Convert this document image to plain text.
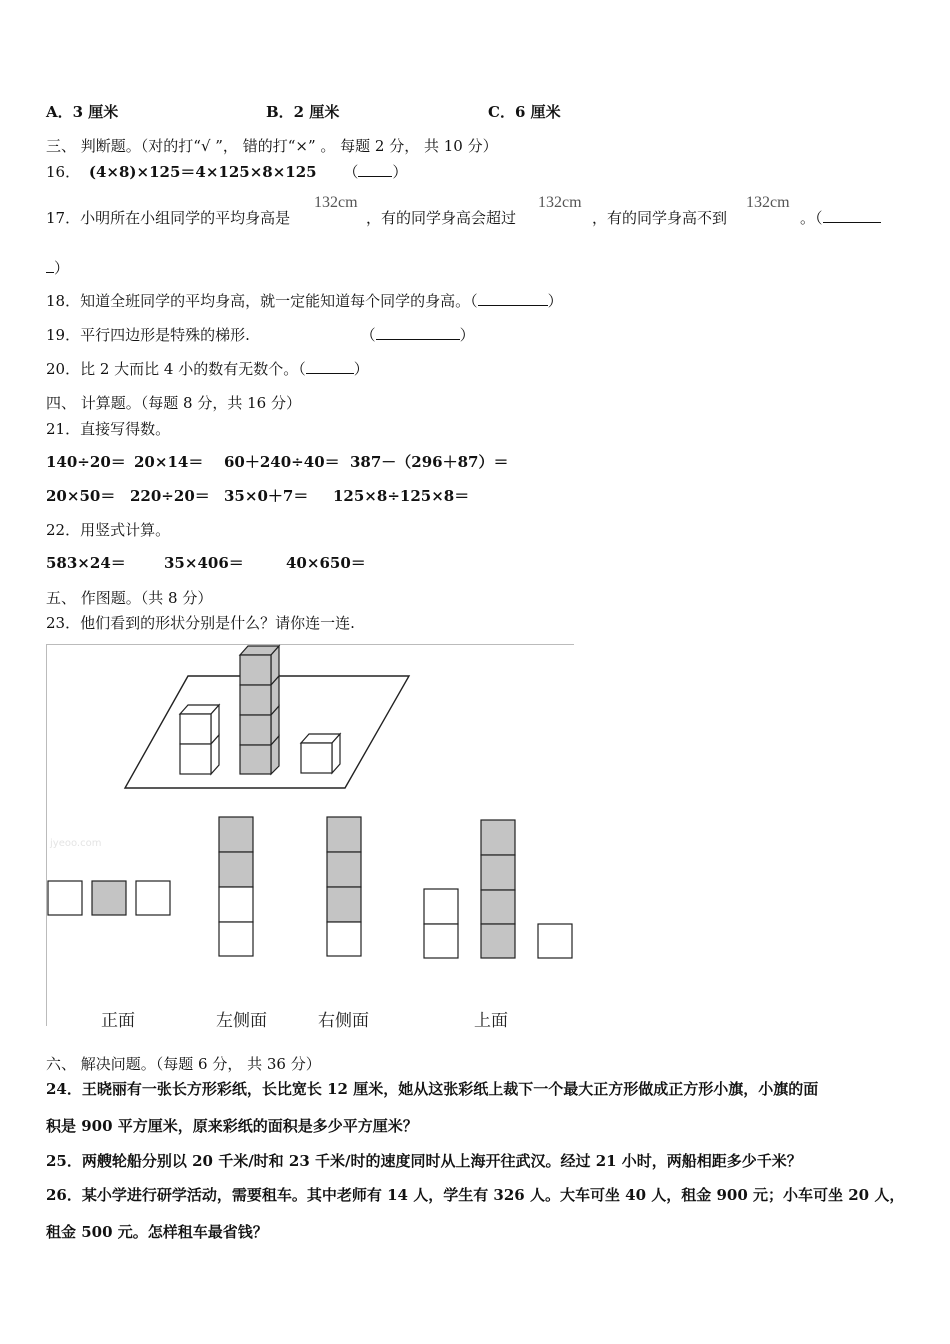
A．3 厘米	B．2 厘米	C．6 厘米
三、 判断题。（对的打“√ ”， 错的打“×” 。 每题 2 分， 共 10 分）
16． (4×8)×125＝4×125×8×125 （ ）
17．小明所在小组同学的平均身高是
132cm
，有的同学身高会超过
132cm
，有的同学身高不到
132cm
。（
）
18．知道全班同学的平均身高，就一定能知道每个同学的身高。（	）
19．平行四边形是特殊的梯形.	（	）
20．比 2 大而比 4 小的数有无数个。（	）
四、 计算题。（每题 8 分，共 16 分）
21．直接写得数。
140÷20＝ 20×14＝ 60＋240÷40＝ 387－（296＋87）＝
20×50＝ 220÷20＝ 35×0＋7＝ 125×8÷125×8＝
22．用竖式计算。
583×24＝	35×406＝	40×650＝
五、 作图题。（共 8 分）
23．他们看到的形状分别是什么？请你连一连.
jyeoo.com
正面	左侧面	右侧面	上面
六、 解决问题。（每题 6 分， 共 36 分）
24．王晓丽有一张长方形彩纸，长比宽长 12 厘米，她从这张彩纸上裁下一个最大正方形做成正方形小旗，小旗的面
积是 900 平方厘米，原来彩纸的面积是多少平方厘米？
25．两艘轮船分别以 20 千米/时和 23 千米/时的速度同时从上海开往武汉。经过 21 小时，两船相距多少千米？
26．某小学进行研学活动，需要租车。其中老师有 14 人，学生有 326 人。大车可坐 40 人，租金 900 元；小车可坐 20 人，
租金 500 元。怎样租车最省钱？
